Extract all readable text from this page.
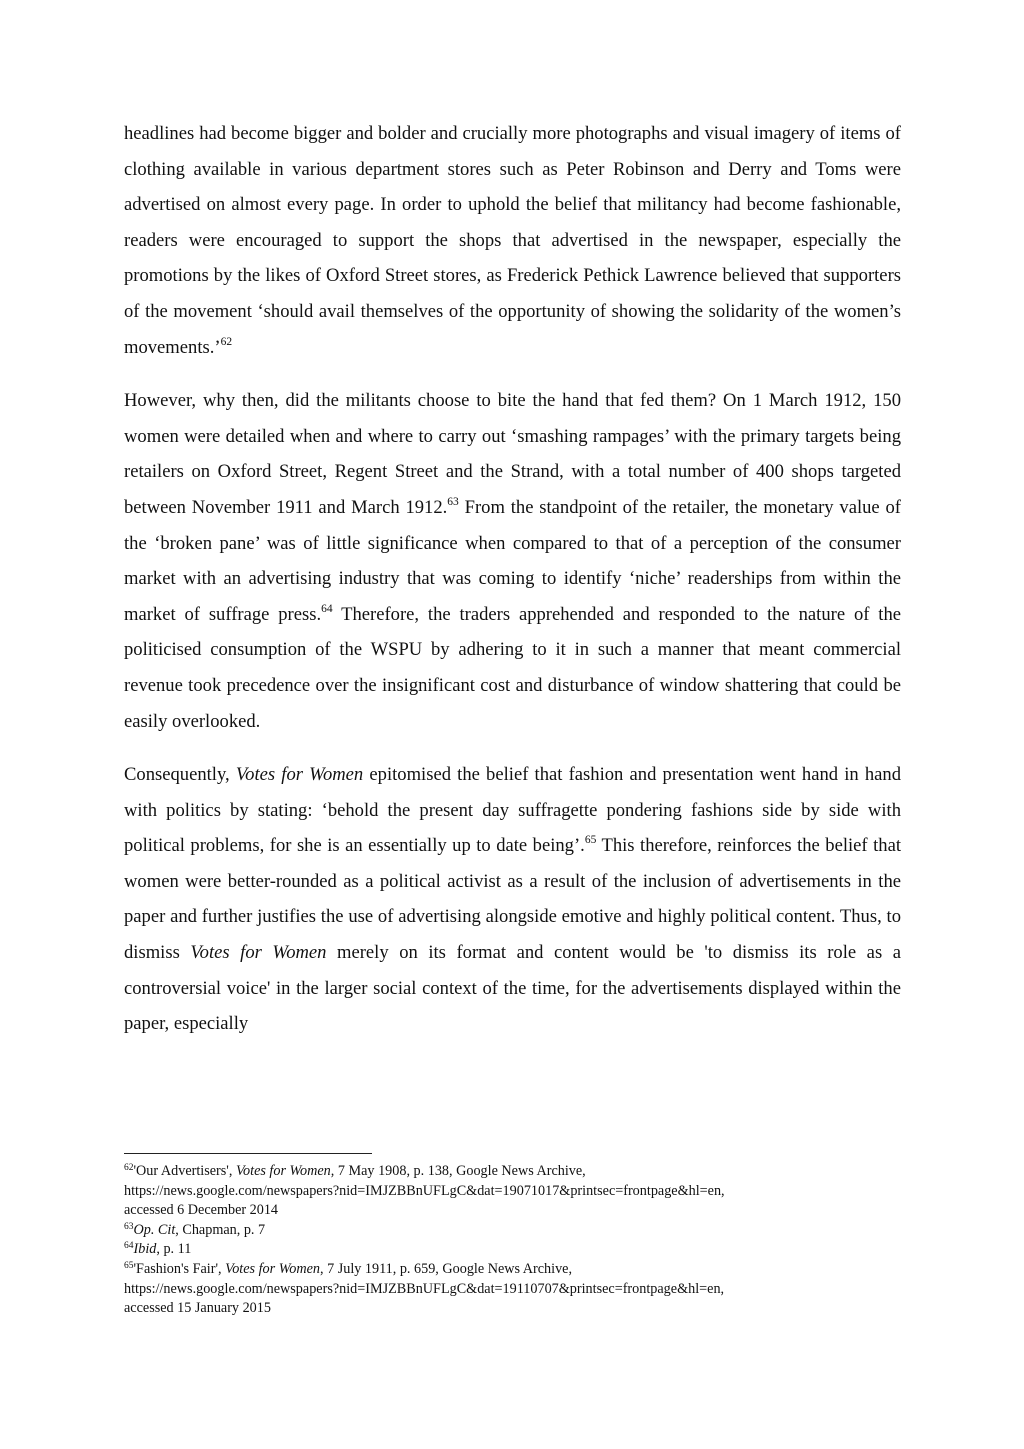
headlines had become bigger and bolder and crucially more photographs and visual imagery of items of clothing available in various department stores such as Peter Robinson and Derry and Toms were advertised on almost every page. In order to uphold the belief that militancy had become fashionable, readers were encouraged to support the shops that advertised in the newspaper, especially the promotions by the likes of Oxford Street stores, as Frederick Pethick Lawrence believed that supporters of the movement ‘should avail themselves of the opportunity of showing the solidarity of the women’s movements.’$^{62}$

However, why then, did the militants choose to bite the hand that fed them? On 1 March 1912, 150 women were detailed when and where to carry out ‘smashing rampages’ with the primary targets being retailers on Oxford Street, Regent Street and the Strand, with a total number of 400 shops targeted between November 1911 and March 1912.63 From the standpoint of the retailer, the monetary value of the ‘broken pane’ was of little significance when compared to that of a perception of the consumer market with an advertising industry that was coming to identify ‘niche’ readerships from within the market of suffrage press.$^{64}$ Therefore, the traders apprehended and responded to the nature of the politicised consumption of the WSPU by adhering to it in such a manner that meant commercial revenue took precedence over the insignificant cost and disturbance of window shattering that could be easily overlooked.

Consequently, Votes for Women epitomised the belief that fashion and presentation went hand in hand with politics by stating: ‘behold the present day suffragette pondering fashions side by side with political problems, for she is an essentially up to date being’.$^{65}$ This therefore, reinforces the belief that women were better-rounded as a political activist as a result of the inclusion of advertisements in the paper and further justifies the use of advertising alongside emotive and highly political content. Thus, to dismiss Votes for Women merely on its format and content would be 'to dismiss its role as a controversial voice' in the larger social context of the time, for the advertisements displayed within the paper, especially

$^{62}$'Our Advertisers', Votes for Women, 7 May 1908, p. 138, Google News Archive,
https://news.google.com/newspapers?nid=IMJZBBnUFLgC&dat=19071017&printsec=frontpage&hl=en,
accessed 6 December 2014
$^{63}$Op. Cit, Chapman, p. 7
$^{64}$Ibid, p. 11
$^{65}$'Fashion's Fair', Votes for Women, 7 July 1911, p. 659, Google News Archive,
https://news.google.com/newspapers?nid=IMJZBBnUFLgC&dat=19110707&printsec=frontpage&hl=en,
accessed 15 January 2015
